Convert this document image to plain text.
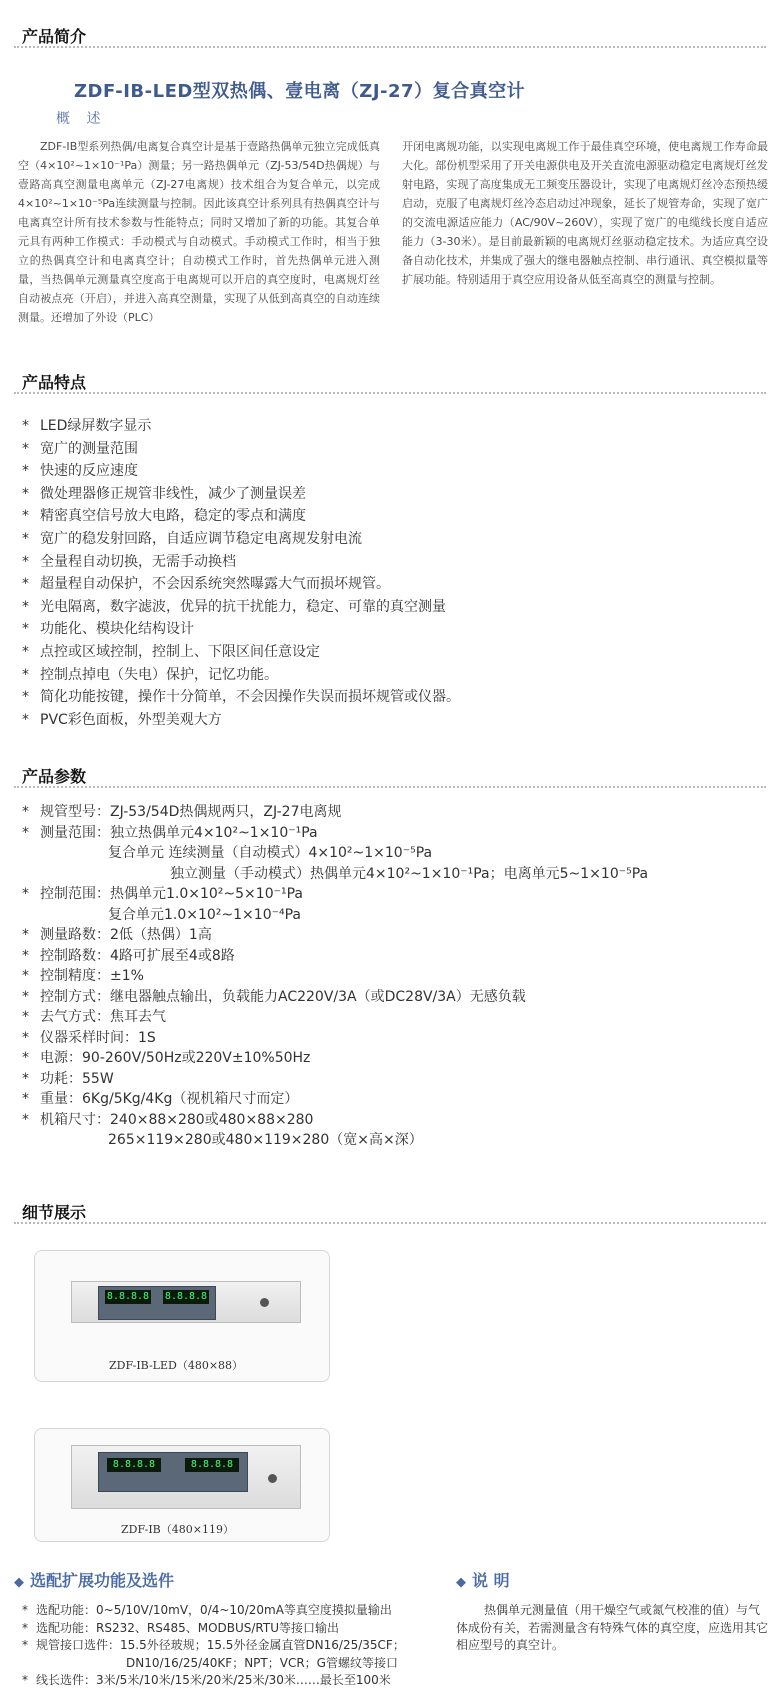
产品简介
ZDF-ⅠB-LED型双热偶、壹电离（ZJ-27）复合真空计
概 述
ZDF-ⅠB型系列热偶/电离复合真空计是基于壹路热偶单元独立完成低真空（4×10²~1×10⁻¹Pa）测量；另一路热偶单元（ZJ-53/54D热偶规）与壹路高真空测量电离单元（ZJ-27电离规）技术组合为复合单元，以完成4×10²~1×10⁻⁵Pa连续测量与控制。因此该真空计系列具有热偶真空计与电离真空计所有技术参数与性能特点；同时又增加了新的功能。其复合单元具有两种工作模式：手动模式与自动模式。手动模式工作时，相当于独立的热偶真空计和电离真空计；自动模式工作时，首先热偶单元进入测量，当热偶单元测量真空度高于电离规可以开启的真空度时，电离规灯丝自动被点亮（开启），并进入高真空测量，实现了从低到高真空的自动连续测量。还增加了外设（PLC）
开闭电离规功能，以实现电离规工作于最佳真空环境，使电离规工作寿命最大化。部份机型采用了开关电源供电及开关直流电源驱动稳定电离规灯丝发射电路，实现了高度集成无工频变压器设计，实现了电离规灯丝冷态预热缓启动，克服了电离规灯丝冷态启动过冲现象，延长了规管寿命，实现了宽广的交流电源适应能力（AC/90V~260V），实现了宽广的电缆线长度自适应能力（3-30米）。是目前最新颖的电离规灯丝驱动稳定技术。为适应真空设备自动化技术，并集成了强大的继电器触点控制、串行通讯、真空模拟量等扩展功能。特别适用于真空应用设备从低至高真空的测量与控制。
产品特点
* LED绿屏数字显示
* 宽广的测量范围
* 快速的反应速度
* 微处理器修正规管非线性，减少了测量误差
* 精密真空信号放大电路，稳定的零点和满度
* 宽广的稳发射回路，自适应调节稳定电离规发射电流
* 全量程自动切换，无需手动换档
* 超量程自动保护，不会因系统突然曝露大气而损坏规管。
* 光电隔离，数字滤波，优异的抗干扰能力，稳定、可靠的真空测量
* 功能化、模块化结构设计
* 点控或区域控制，控制上、下限区间任意设定
* 控制点掉电（失电）保护，记忆功能。
* 简化功能按键，操作十分简单，不会因操作失误而损坏规管或仪器。
* PVC彩色面板，外型美观大方
产品参数
* 规管型号：ZJ-53/54D热偶规两只，ZJ-27电离规
* 测量范围：独立热偶单元4×10²~1×10⁻¹Pa
复合单元 连续测量（自动模式）4×10²~1×10⁻⁵Pa
独立测量（手动模式）热偶单元4×10²~1×10⁻¹Pa；电离单元5~1×10⁻⁵Pa
* 控制范围：热偶单元1.0×10²~5×10⁻¹Pa
复合单元1.0×10²~1×10⁻⁴Pa
* 测量路数：2低（热偶）1高
* 控制路数：4路可扩展至4或8路
* 控制精度：±1%
* 控制方式：继电器触点输出，负载能力AC220V/3A（或DC28V/3A）无感负载
* 去气方式：焦耳去气
* 仪器采样时间：1S
* 电源：90-260V/50Hz或220V±10%50Hz
* 功耗：55W
* 重量：6Kg/5Kg/4Kg（视机箱尺寸而定）
* 机箱尺寸：240×88×280或480×88×280
265×119×280或480×119×280（宽×高×深）
细节展示
8.8.8.8 8.8.8.8
ZDF-ⅠB-LED（480×88）
8.8.8.8	8.8.8.8
ZDF-ⅠB（480×119）
◆ 选配扩展功能及选件
* 选配功能：0~5/10V/10mV，0/4~10/20mA等真空度摸拟量输出
* 选配功能：RS232、RS485、MODBUS/RTU等接口输出
* 规管接口选件：15.5外径玻规；15.5外径金属直管DN16/25/35CF；
DN10/16/25/40KF；NPT；VCR；G管螺纹等接口
* 线长选件：3米/5米/10米/15米/20米/25米/30米……最长至100米
◆ 说 明

热偶单元测量值（用干燥空气或氮气校准的值）与气体成份有关，若需测量含有特殊气体的真空度，应选用其它相应型号的真空计。
